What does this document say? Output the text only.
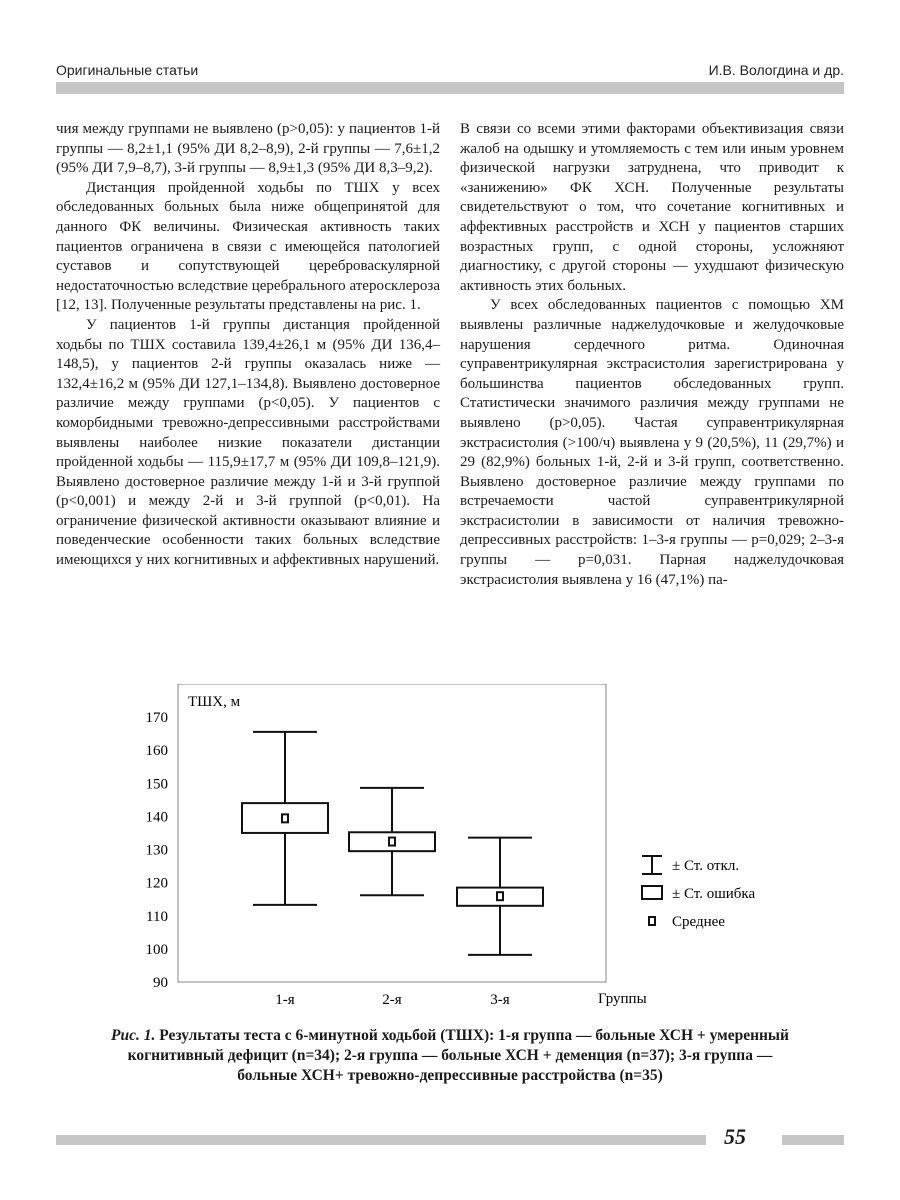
Оригинальные статьи	И.В. Вологдина и др.

чия между группами не выявлено (р>0,05): у пациентов 1-й группы — 8,2±1,1 (95% ДИ 8,2–8,9), 2-й группы — 7,6±1,2 (95% ДИ 7,9–8,7), 3-й группы — 8,9±1,3 (95% ДИ 8,3–9,2).

Дистанция пройденной ходьбы по ТШХ у всех обследованных больных была ниже общепринятой для данного ФК величины. Физическая активность таких пациентов ограничена в связи с имеющейся патологией суставов и сопутствующей цереброваскулярной недостаточностью вследствие церебрального атеросклероза [12, 13]. Полученные результаты представлены на рис. 1.

У пациентов 1-й группы дистанция пройденной ходьбы по ТШХ составила 139,4±26,1 м (95% ДИ 136,4–148,5), у пациентов 2-й группы оказалась ниже — 132,4±16,2 м (95% ДИ 127,1–134,8). Выявлено достоверное различие между группами (р<0,05). У пациентов с коморбидными тревожно-депрессивными расстройствами выявлены наиболее низкие показатели дистанции пройденной ходьбы — 115,9±17,7 м (95% ДИ 109,8–121,9). Выявлено достоверное различие между 1-й и 3-й группой (р<0,001) и между 2-й и 3-й группой (р<0,01). На ограничение физической активности оказывают влияние и поведенческие особенности таких больных вследствие имеющихся у них когнитивных и аффективных нарушений.

В связи со всеми этими факторами объективизация связи жалоб на одышку и утомляемость с тем или иным уровнем физической нагрузки затруднена, что приводит к «занижению» ФК ХСН. Полученные результаты свидетельствуют о том, что сочетание когнитивных и аффективных расстройств и ХСН у пациентов старших возрастных групп, с одной стороны, усложняют диагностику, с другой стороны — ухудшают физическую активность этих больных.

У всех обследованных пациентов с помощью ХМ выявлены различные наджелудочковые и желудочковые нарушения сердечного ритма. Одиночная суправентрикулярная экстрасистолия зарегистрирована у большинства пациентов обследованных групп. Статистически значимого различия между группами не выявлено (р>0,05). Частая суправентрикулярная экстрасистолия (>100/ч) выявлена у 9 (20,5%), 11 (29,7%) и 29 (82,9%) больных 1-й, 2-й и 3-й групп, соответственно. Выявлено достоверное различие между группами по встречаемости частой суправентрикулярной экстрасистолии в зависимости от наличия тревожно-депрессивных расстройств: 1–3-я группы — р=0,029; 2–3-я группы — р=0,031. Парная наджелудочковая экстрасистолия выявлена у 16 (47,1%) па-

ТШХ, м
Группы
90
100
110
120
130
140
150
160
170
1-я	2-я	3-я
± Ст. откл.
± Ст. ошибка
Среднее
Рис. 1. Результаты теста с 6-минутной ходьбой (ТШХ): 1-я группа — больные ХСН + умеренный когнитивный дефицит (n=34); 2-я группа — больные ХСН + деменция (n=37); 3-я группа — больные ХСН+ тревожно-депрессивные расстройства (n=35)
55
